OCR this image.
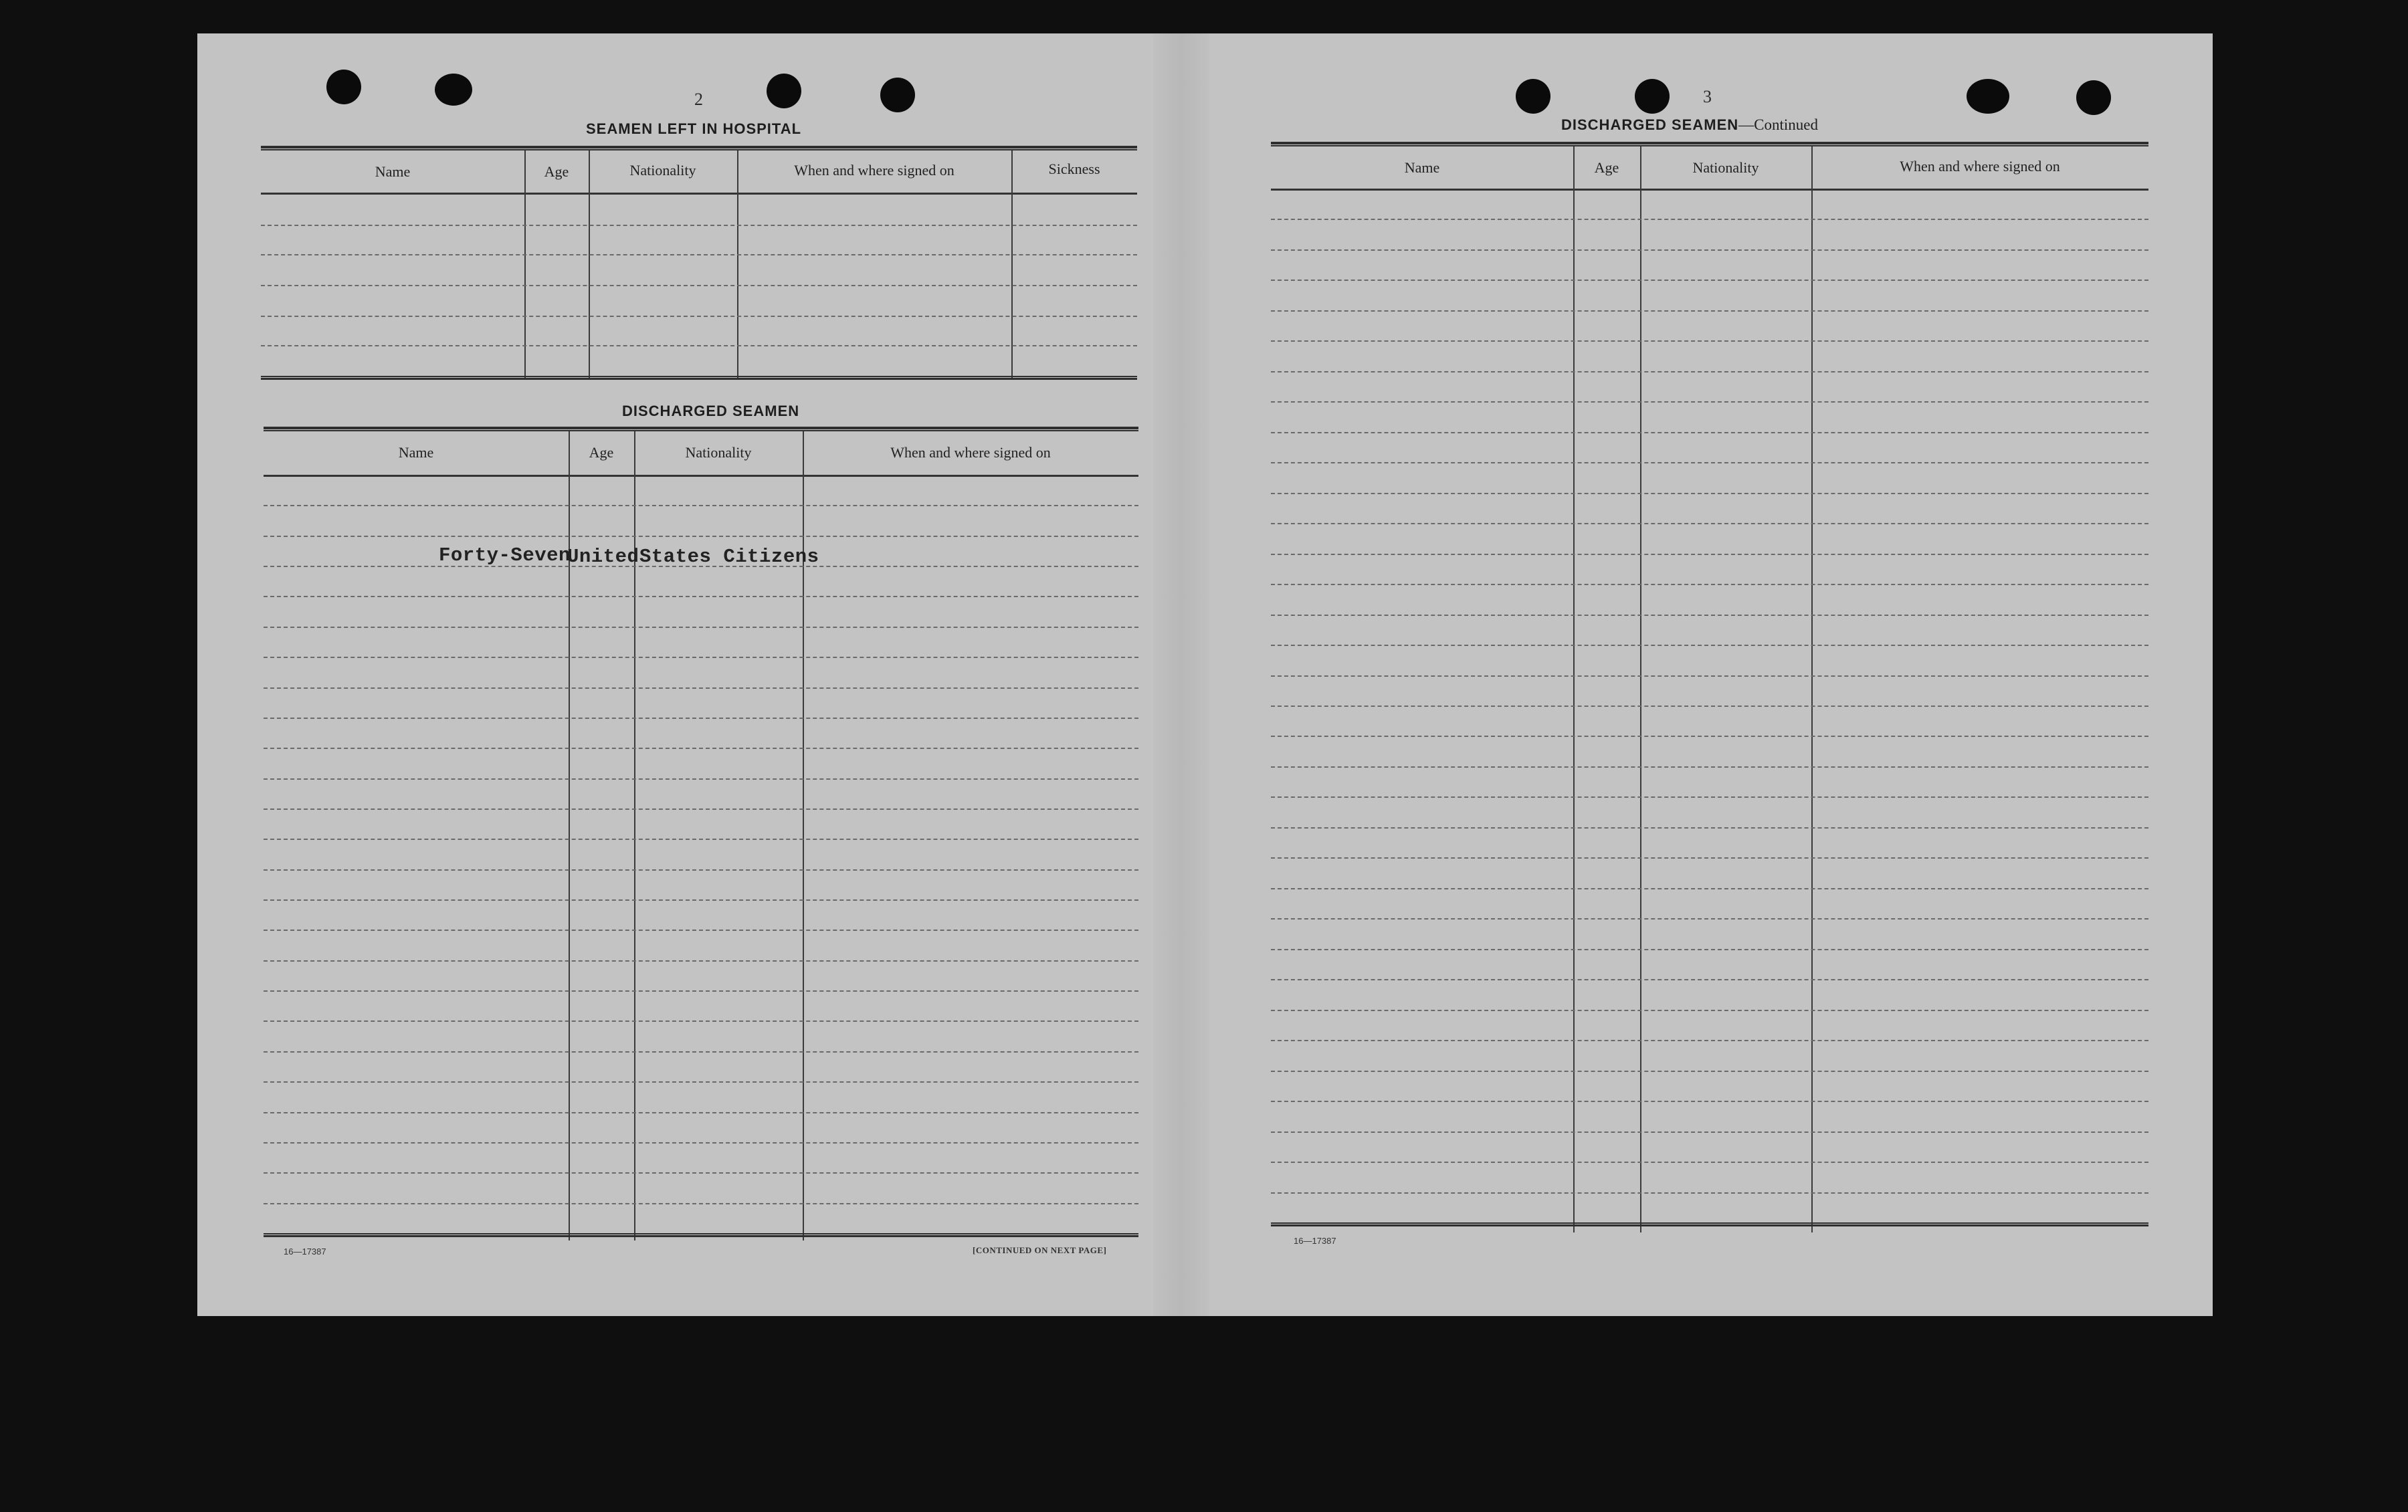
2
SEAMEN LEFT IN HOSPITAL
Name	Age	Nationality	When and where signed on	Sickness
DISCHARGED SEAMEN
Name	Age	Nationality	When and where signed on
Forty-Seven
United States Citizens
16—17387	[CONTINUED ON NEXT PAGE]
3
DISCHARGED SEAMEN—Continued
Name	Age	Nationality	When and where signed on
16—17387
